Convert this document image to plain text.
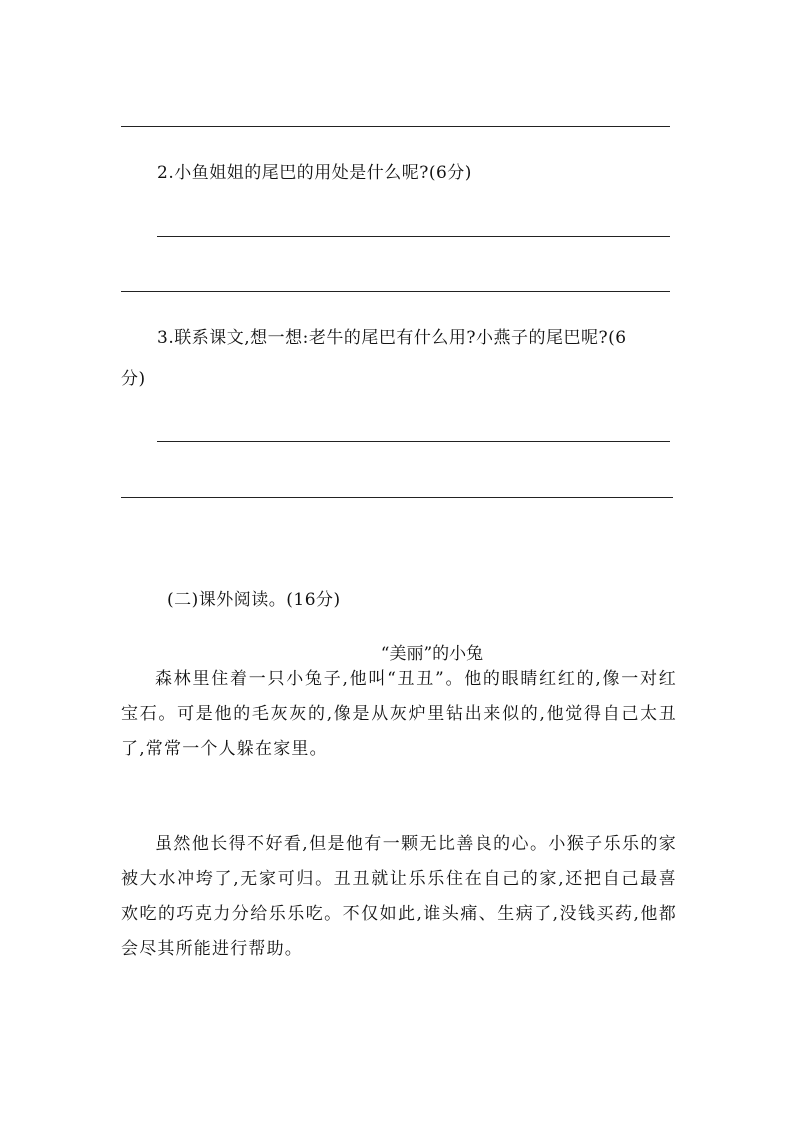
2.小鱼姐姐的尾巴的用处是什么呢?(6分)
3.联系课文,想一想:老牛的尾巴有什么用?小燕子的尾巴呢?(6
分)
(二)课外阅读。(16分)
“美丽”的小兔
森林里住着一只小兔子,他叫“丑丑”。他的眼睛红红的,像一对红宝石。可是他的毛灰灰的,像是从灰炉里钻出来似的,他觉得自己太丑了,常常一个人躲在家里。
虽然他长得不好看,但是他有一颗无比善良的心。小猴子乐乐的家被大水冲垮了,无家可归。丑丑就让乐乐住在自己的家,还把自己最喜欢吃的巧克力分给乐乐吃。不仅如此,谁头痛、生病了,没钱买药,他都会尽其所能进行帮助。
